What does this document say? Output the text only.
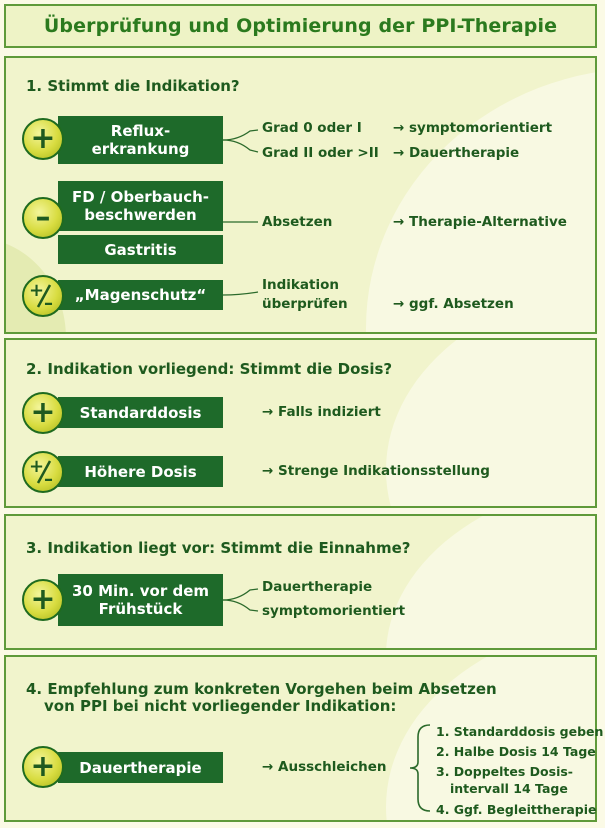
Überprüfung und Optimierung der PPI-Therapie
1. Stimmt die Indikation?
+	Reflux-
erkrankung
Grad 0 oder I
Grad II oder >II
→ symptomorientiert
→ Dauertherapie
–
FD / Oberbauch-
beschwerden
Gastritis
Absetzen	→ Therapie-Alternative
+
– „Magenschutz“
Indikation
überprüfen	→ ggf. Absetzen
2. Indikation vorliegend: Stimmt die Dosis?
+ Standarddosis	→ Falls indiziert
+
– Höhere Dosis	→ Strenge Indikationsstellung
3. Indikation liegt vor: Stimmt die Einnahme?
+ 30 Min. vor dem
Frühstück
Dauertherapie
symptomorientiert
4. Empfehlung zum konkreten Vorgehen beim Absetzen
von PPI bei nicht vorliegender Indikation:
+ Dauertherapie	→ Ausschleichen
1. Standarddosis geben
2. Halbe Dosis 14 Tage
3. Doppeltes Dosis-
intervall 14 Tage
4. Ggf. Begleittherapie
